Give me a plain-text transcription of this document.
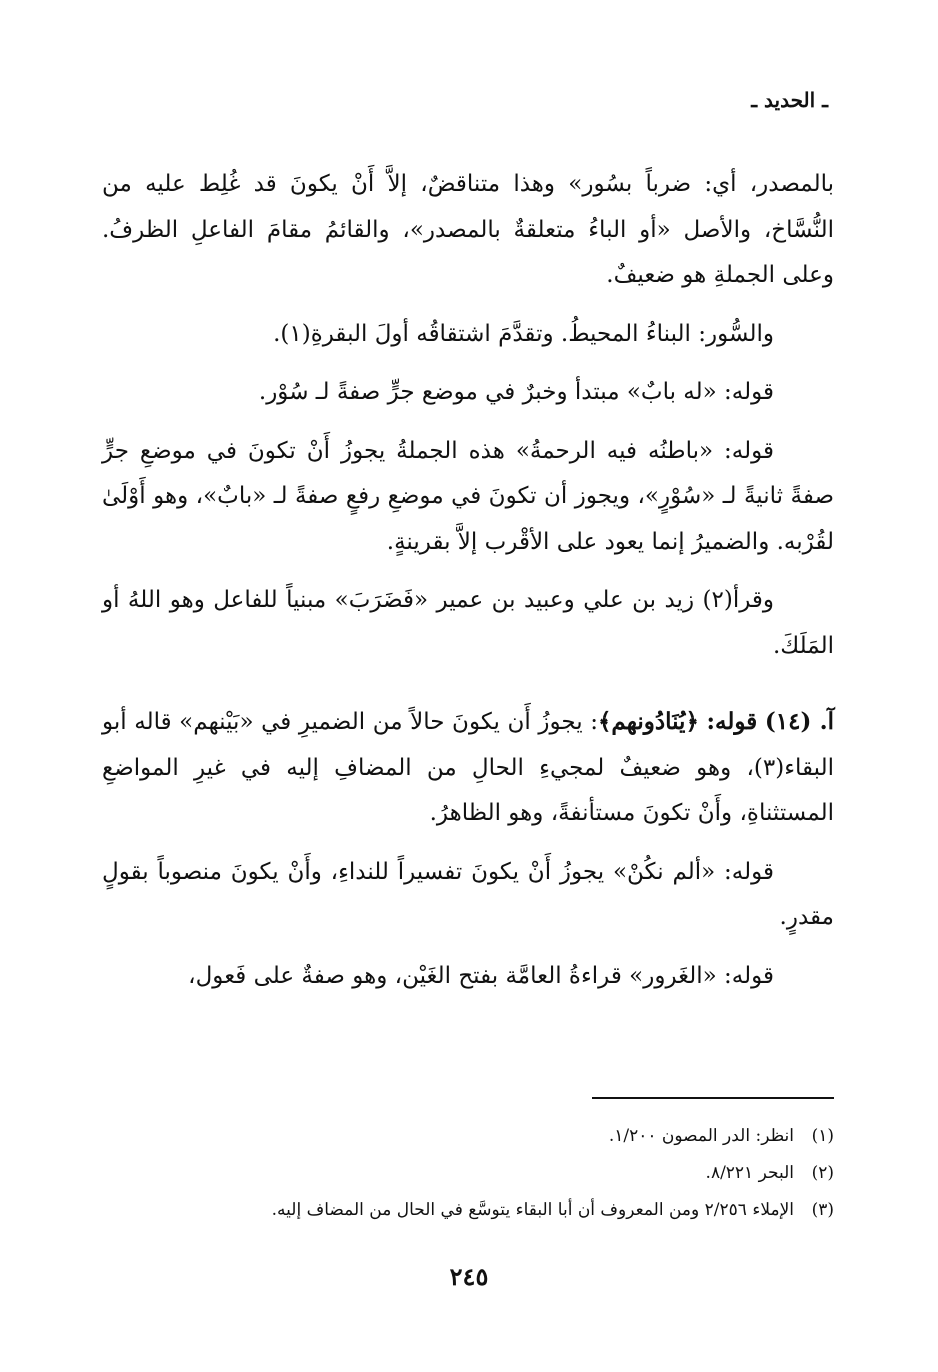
ـ الحديد ـ

بالمصدر، أي: ضرباً بسُور» وهذا متناقضٌ، إلاَّ أَنْ يكونَ قد غُلِط عليه من النُّسَّاخ، والأصل «أو الباءُ متعلقةٌ بالمصدر»، والقائمُ مقامَ الفاعلِ الظرفُ. وعلى الجملةِ هو ضعيفٌ.

والسُّور: البناءُ المحيطُ. وتقدَّمَ اشتقاقُه أولَ البقرةِ(١).

قوله: «له بابٌ» مبتدأ وخبرٌ في موضع جرٍّ صفةً لـ سُوْر.

قوله: «باطنُه فيه الرحمةُ» هذه الجملةُ يجوزُ أَنْ تكونَ في موضعِ جرٍّ صفةً ثانيةً لـ «سُوْرٍ»، ويجوز أن تكونَ في موضعِ رفعٍ صفةً لـ «بابٌ»، وهو أَوْلَىٰ لقُرْبه. والضميرُ إنما يعود على الأقْرب إلاَّ بقرينةٍ.

وقرأ(٢) زيد بن علي وعبيد بن عمير «فَضَرَبَ» مبنياً للفاعل وهو اللهُ أو المَلَكَ.

آ. (١٤) قوله: ﴿يُنَادُونهم﴾: يجوزُ أَن يكونَ حالاً من الضميرِ في «بَيْنهم» قاله أبو البقاء(٣)، وهو ضعيفٌ لمجيءِ الحالِ من المضافِ إليه في غيرِ المواضعِ المستثناةِ، وأَنْ تكونَ مستأنفةً، وهو الظاهرُ.

قوله: «ألم نكُنْ» يجوزُ أَنْ يكونَ تفسيراً للنداءِ، وأَنْ يكونَ منصوباً بقولٍ مقدرٍ.

قوله: «الغَرور» قراءةُ العامَّة بفتح الغَيْن، وهو صفةٌ على فَعول،

(١)انظر: الدر المصون ١/٢٠٠.
(٢)البحر ٨/٢٢١.
(٣)الإملاء ٢/٢٥٦ ومن المعروف أن أبا البقاء يتوسَّع في الحال من المضاف إليه.
٢٤٥
